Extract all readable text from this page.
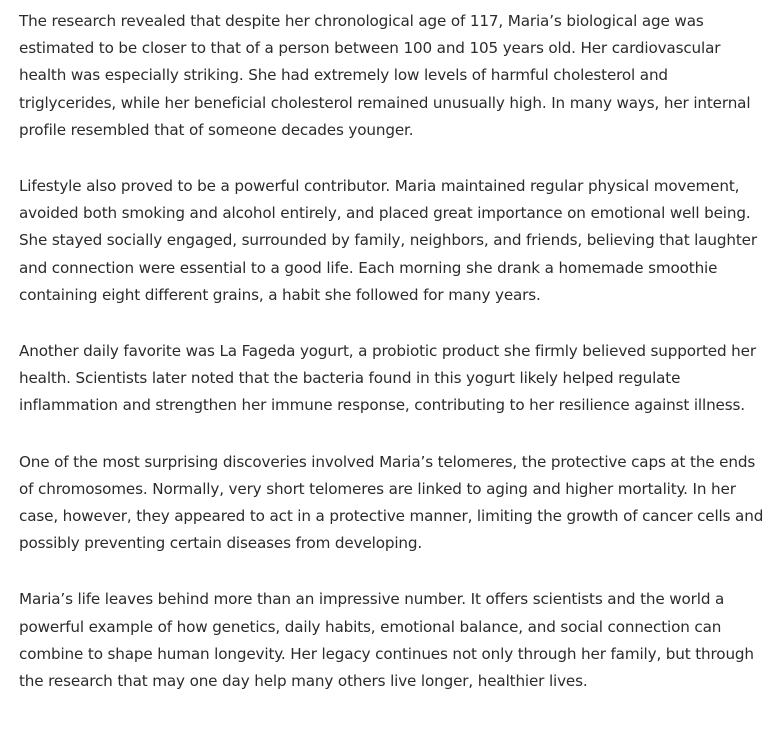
The research revealed that despite her chronological age of 117, Maria’s biological age was estimated to be closer to that of a person between 100 and 105 years old. Her cardiovascular health was especially striking. She had extremely low levels of harmful cholesterol and triglycerides, while her beneficial cholesterol remained unusually high. In many ways, her internal profile resembled that of someone decades younger.

Lifestyle also proved to be a powerful contributor. Maria maintained regular physical movement, avoided both smoking and alcohol entirely, and placed great importance on emotional well being. She stayed socially engaged, surrounded by family, neighbors, and friends, believing that laughter and connection were essential to a good life. Each morning she drank a homemade smoothie containing eight different grains, a habit she followed for many years.

Another daily favorite was La Fageda yogurt, a probiotic product she firmly believed supported her health. Scientists later noted that the bacteria found in this yogurt likely helped regulate inflammation and strengthen her immune response, contributing to her resilience against illness.

One of the most surprising discoveries involved Maria’s telomeres, the protective caps at the ends of chromosomes. Normally, very short telomeres are linked to aging and higher mortality. In her case, however, they appeared to act in a protective manner, limiting the growth of cancer cells and possibly preventing certain diseases from developing.

Maria’s life leaves behind more than an impressive number. It offers scientists and the world a powerful example of how genetics, daily habits, emotional balance, and social connection can combine to shape human longevity. Her legacy continues not only through her family, but through the research that may one day help many others live longer, healthier lives.
